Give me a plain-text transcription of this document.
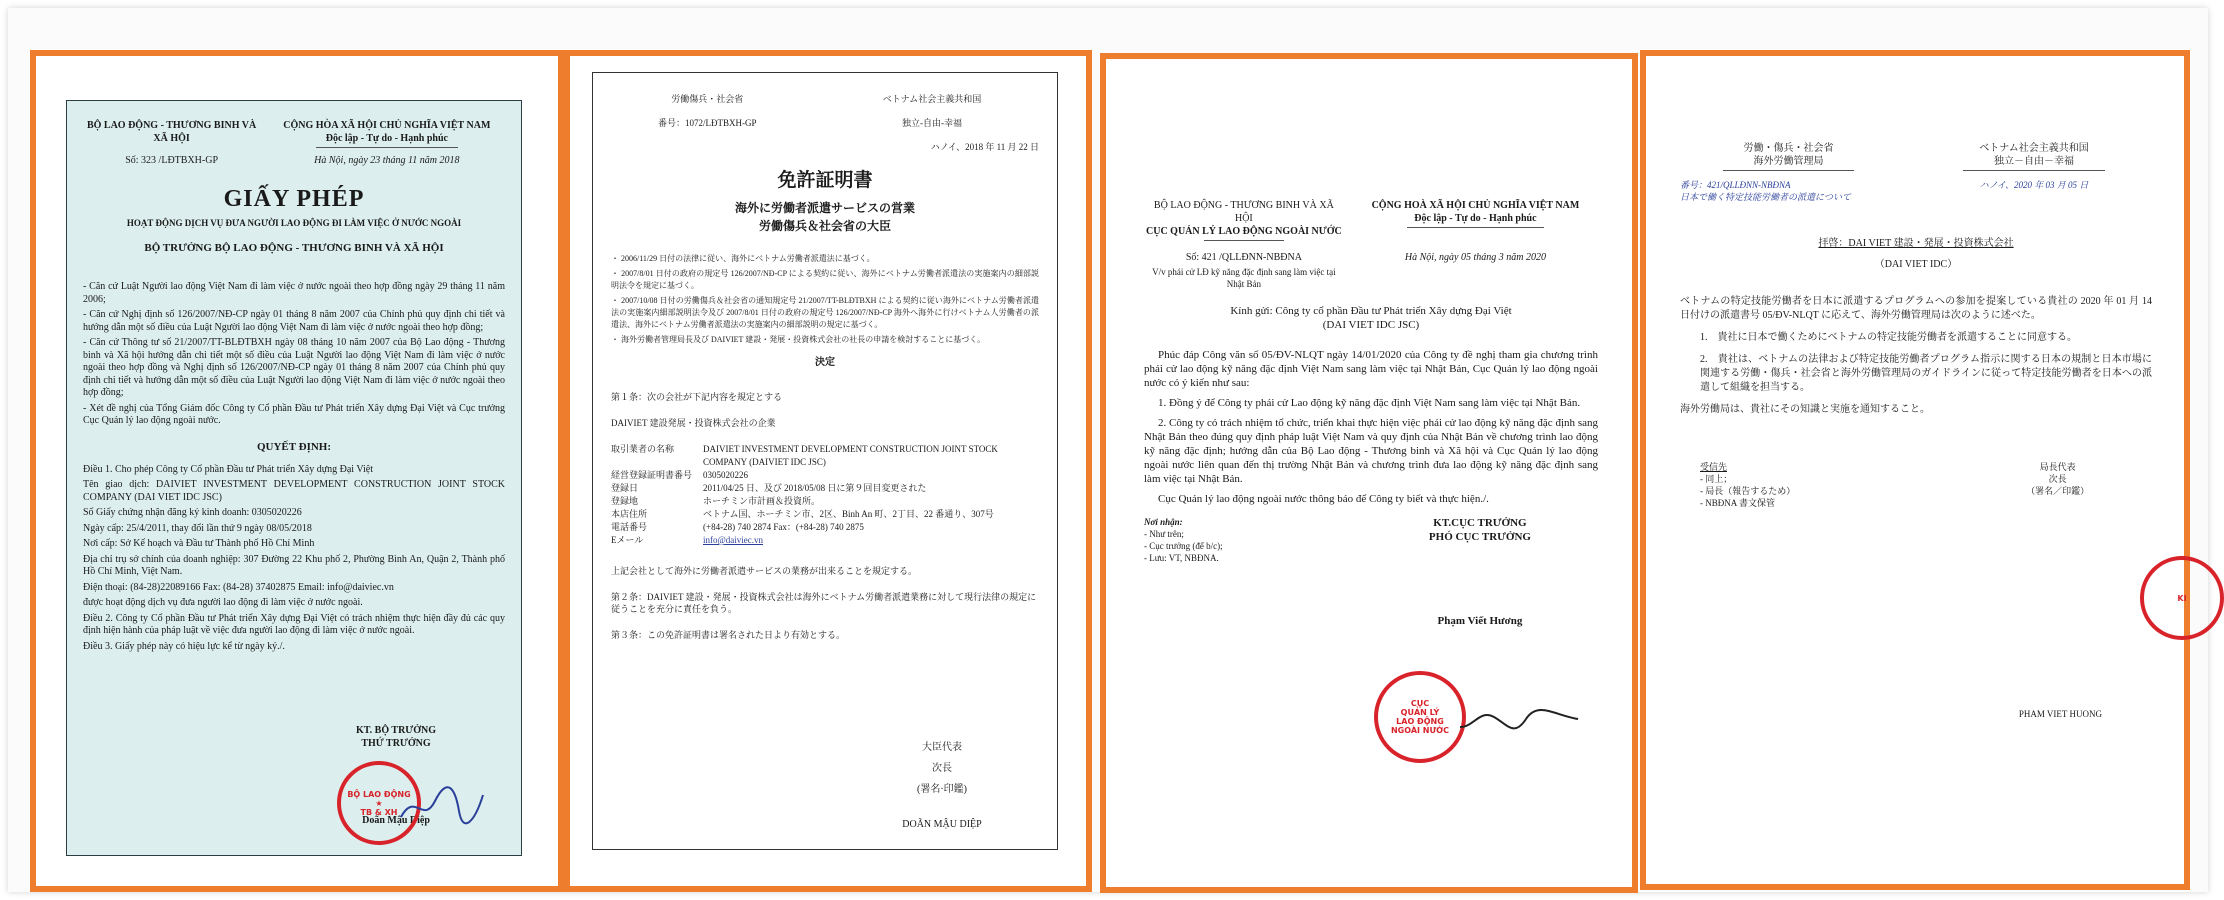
BỘ LAO ĐỘNG - THƯƠNG BINH VÀ XÃ HỘI
CỘNG HÒA XÃ HỘI CHỦ NGHĨA VIỆT NAM
Độc lập - Tự do - Hạnh phúc
Số: 323 /LĐTBXH-GP	Hà Nội, ngày 23 tháng 11 năm 2018
GIẤY PHÉP
HOẠT ĐỘNG DỊCH VỤ ĐƯA NGƯỜI LAO ĐỘNG ĐI LÀM VIỆC Ở NƯỚC NGOÀI
BỘ TRƯỞNG BỘ LAO ĐỘNG - THƯƠNG BINH VÀ XÃ HỘI
- Căn cứ Luật Người lao động Việt Nam đi làm việc ở nước ngoài theo hợp đồng ngày 29 tháng 11 năm 2006;
- Căn cứ Nghị định số 126/2007/NĐ-CP ngày 01 tháng 8 năm 2007 của Chính phủ quy định chi tiết và hướng dẫn một số điều của Luật Người lao động Việt Nam đi làm việc ở nước ngoài theo hợp đồng;
- Căn cứ Thông tư số 21/2007/TT-BLĐTBXH ngày 08 tháng 10 năm 2007 của Bộ Lao động - Thương binh và Xã hội hướng dẫn chi tiết một số điều của Luật Người lao động Việt Nam đi làm việc ở nước ngoài theo hợp đồng và Nghị định số 126/2007/NĐ-CP ngày 01 tháng 8 năm 2007 của Chính phủ quy định chi tiết và hướng dẫn một số điều của Luật Người lao động Việt Nam đi làm việc ở nước ngoài theo hợp đồng;
- Xét đề nghị của Tổng Giám đốc Công ty Cổ phần Đầu tư Phát triển Xây dựng Đại Việt và Cục trưởng Cục Quản lý lao động ngoài nước.
QUYẾT ĐỊNH:
Điều 1. Cho phép Công ty Cổ phần Đầu tư Phát triển Xây dựng Đại Việt
Tên giao dịch: DAIVIET INVESTMENT DEVELOPMENT CONSTRUCTION JOINT STOCK COMPANY (DAI VIET IDC JSC)
Số Giấy chứng nhận đăng ký kinh doanh: 0305020226
Ngày cấp: 25/4/2011, thay đổi lần thứ 9 ngày 08/05/2018
Nơi cấp: Sở Kế hoạch và Đầu tư Thành phố Hồ Chí Minh
Địa chỉ trụ sở chính của doanh nghiệp: 307 Đường 22 Khu phố 2, Phường Bình An, Quận 2, Thành phố Hồ Chí Minh, Việt Nam.
Điện thoại: (84-28)22089166 Fax: (84-28) 37402875 Email: info@daiviec.vn
được hoạt động dịch vụ đưa người lao động đi làm việc ở nước ngoài.
Điều 2. Công ty Cổ phần Đầu tư Phát triển Xây dựng Đại Việt có trách nhiệm thực hiện đầy đủ các quy định hiện hành của pháp luật về việc đưa người lao động đi làm việc ở nước ngoài.
Điều 3. Giấy phép này có hiệu lực kể từ ngày ký./.
KT. BỘ TRƯỞNG
THỨ TRƯỞNG
Doãn Mậu Diệp
BỘ LAO ĐỘNG
★
TB & XH
労働傷兵・社会省	ベトナム社会主義共和国
番号：1072/LĐTBXH-GP	独立-自由-幸福
ハノイ、2018 年 11 月 22 日
免許証明書
海外に労働者派遣サービスの営業
労働傷兵＆社会省の大臣
・ 2006/11/29 日付の法律に従い、海外にベトナム労働者派遣法に基づく。
・ 2007/8/01 日付の政府の規定号 126/2007/NĐ-CP による契約に従い、海外にベトナム労働者派遣法の実施案内の細部説明法令を規定に基づく。
・ 2007/10/08 日付の労働傷兵＆社会省の通知規定号 21/2007/TT-BLĐTBXH による契約に従い海外にベトナム労働者派遣法の実施案内細部説明法令及び 2007/8/01 日付の政府の規定号 126/2007/NĐ-CP 海外へ海外に行けベトナム人労働者の派遣法、海外にベトナム労働者派遣法の実施案内の細部説明の規定に基づく。
・ 海外労働者管理局長及び DAIVIET 建設・発展・投資株式会社の社長の申請を検討することに基づく。
決定
第１条：次の会社が下記内容を規定とする
DAIVIET 建設発展・投資株式会社の企業
取引業者の名称	DAIVIET INVESTMENT DEVELOPMENT CONSTRUCTION JOINT STOCK COMPANY (DAIVIET IDC JSC)
経営登録証明書番号	0305020226
登録日	2011/04/25 日、及び 2018/05/08 日に第９回目変更された
登録地	ホーチミン市計画＆投資所。
本店住所	ベトナム国、ホーチミン市、2区、Binh An 町、2丁目、22 番通り、307号
電話番号	(+84-28) 740 2874 Fax：(+84-28) 740 2875
Eメール	info@daiviec.vn
上記会社として海外に労働者派遣サービスの業務が出来ることを規定する。
第２条：DAIVIET 建設・発展・投資株式会社は海外にベトナム労働者派遣業務に対して現行法律の規定に従うことを充分に責任を負う。
第３条：この免許証明書は署名された日より有効とする。
大臣代表
次長
(署名·印鑑)
DOÃN MẬU DIỆP
BỘ LAO ĐỘNG - THƯƠNG BINH VÀ XÃ HỘI
CỤC QUẢN LÝ LAO ĐỘNG NGOÀI NƯỚC
CỘNG HOÀ XÃ HỘI CHỦ NGHĨA VIỆT NAM
Độc lập - Tự do - Hạnh phúc
Số: 421 /QLLĐNN-NBĐNA
V/v phái cử LĐ kỹ năng đặc định sang làm việc tại Nhật Bản
Hà Nội, ngày 05 tháng 3 năm 2020
Kính gửi: Công ty cổ phần Đầu tư Phát triển Xây dựng Đại Việt
(DAI VIET IDC JSC)
Phúc đáp Công văn số 05/ĐV-NLQT ngày 14/01/2020 của Công ty đề nghị tham gia chương trình phái cử lao động kỹ năng đặc định Việt Nam sang làm việc tại Nhật Bản, Cục Quản lý lao động ngoài nước có ý kiến như sau:
1. Đồng ý để Công ty phái cử Lao động kỹ năng đặc định Việt Nam sang làm việc tại Nhật Bản.
2. Công ty có trách nhiệm tổ chức, triển khai thực hiện việc phái cử lao động kỹ năng đặc định sang Nhật Bản theo đúng quy định pháp luật Việt Nam và quy định của Nhật Bản về chương trình lao động kỹ năng đặc định; hướng dẫn của Bộ Lao động - Thương binh và Xã hội và Cục Quản lý lao động ngoài nước liên quan đến thị trường Nhật Bản và chương trình đưa lao động kỹ năng đặc định sang làm việc tại Nhật Bản.
Cục Quản lý lao động ngoài nước thông báo để Công ty biết và thực hiện./.
Nơi nhận:
- Như trên;
- Cục trưởng (để b/c);
- Lưu: VT, NBĐNA.
KT.CỤC TRƯỞNG
PHÓ CỤC TRƯỞNG
Phạm Viết Hương
CỤC
QUẢN LÝ
LAO ĐỘNG
NGOÀI NƯỚC
労働・傷兵・社会省
海外労働管理局
ベトナム社会主義共和国
独立－自由－幸福
番号：421/QLLĐNN-NBĐNA
日本で働く特定技能労働者の派遣について
ハノイ、2020 年 03 月 05 日
拝啓：DAI VIET 建設・発展・投資株式会社
（DAI VIET IDC）
ベトナムの特定技能労働者を日本に派遣するプログラムへの参加を提案している貴社の 2020 年 01 月 14 日付けの派遣書号 05/ĐV-NLQT に応えて、海外労働管理局は次のように述べた。
1.　貴社に日本で働くためにベトナムの特定技能労働者を派遣することに同意する。
2.　貴社は、ベトナムの法律および特定技能労働者プログラム指示に関する日本の規制と日本市場に関連する労働・傷兵・社会省と海外労働管理局のガイドラインに従って特定技能労働者を日本への派遣して組織を担当する。
海外労働局は、貴社にその知識と実施を通知すること。
受信先
- 同上；
- 局長（報告するため）
- NBĐNA 書文保管
局長代表
次長
（署名／印鑑）
PHAM VIET HUONG
KI
